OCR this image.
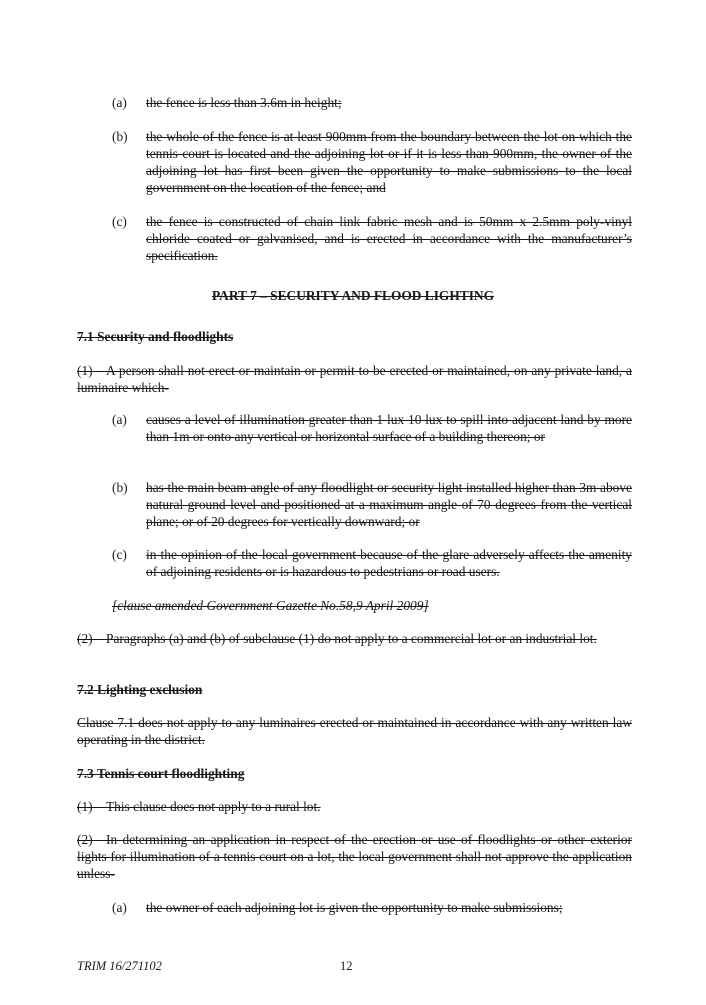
(a) the fence is less than 3.6m in height;
(b) the whole of the fence is at least 900mm from the boundary between the lot on which the tennis court is located and the adjoining lot or if it is less than 900mm, the owner of the adjoining lot has first been given the opportunity to make submissions to the local government on the location of the fence; and
(c) the fence is constructed of chain link fabric mesh and is 50mm x 2.5mm poly-vinyl chloride coated or galvanised, and is erected in accordance with the manufacturer’s specification.
PART 7 – SECURITY AND FLOOD LIGHTING
7.1 Security and floodlights
(1) A person shall not erect or maintain or permit to be erected or maintained, on any private land, a luminaire which-
(a) causes a level of illumination greater than 1 lux 10 lux to spill into adjacent land by more than 1m or onto any vertical or horizontal surface of a building thereon; or
(b) has the main beam angle of any floodlight or security light installed higher than 3m above natural ground level and positioned at a maximum angle of 70 degrees from the vertical plane; or of 20 degrees for vertically downward; or
(c) in the opinion of the local government because of the glare adversely affects the amenity of adjoining residents or is hazardous to pedestrians or road users.
[clause amended Government Gazette No.58,9 April 2009]
(2) Paragraphs (a) and (b) of subclause (1) do not apply to a commercial lot or an industrial lot.
7.2 Lighting exclusion
Clause 7.1 does not apply to any luminaires erected or maintained in accordance with any written law operating in the district.
7.3 Tennis court floodlighting
(1) This clause does not apply to a rural lot.
(2) In determining an application in respect of the erection or use of floodlights or other exterior lights for illumination of a tennis court on a lot, the local government shall not approve the application unless-
(a) the owner of each adjoining lot is given the opportunity to make submissions;
TRIM 16/271102	12
